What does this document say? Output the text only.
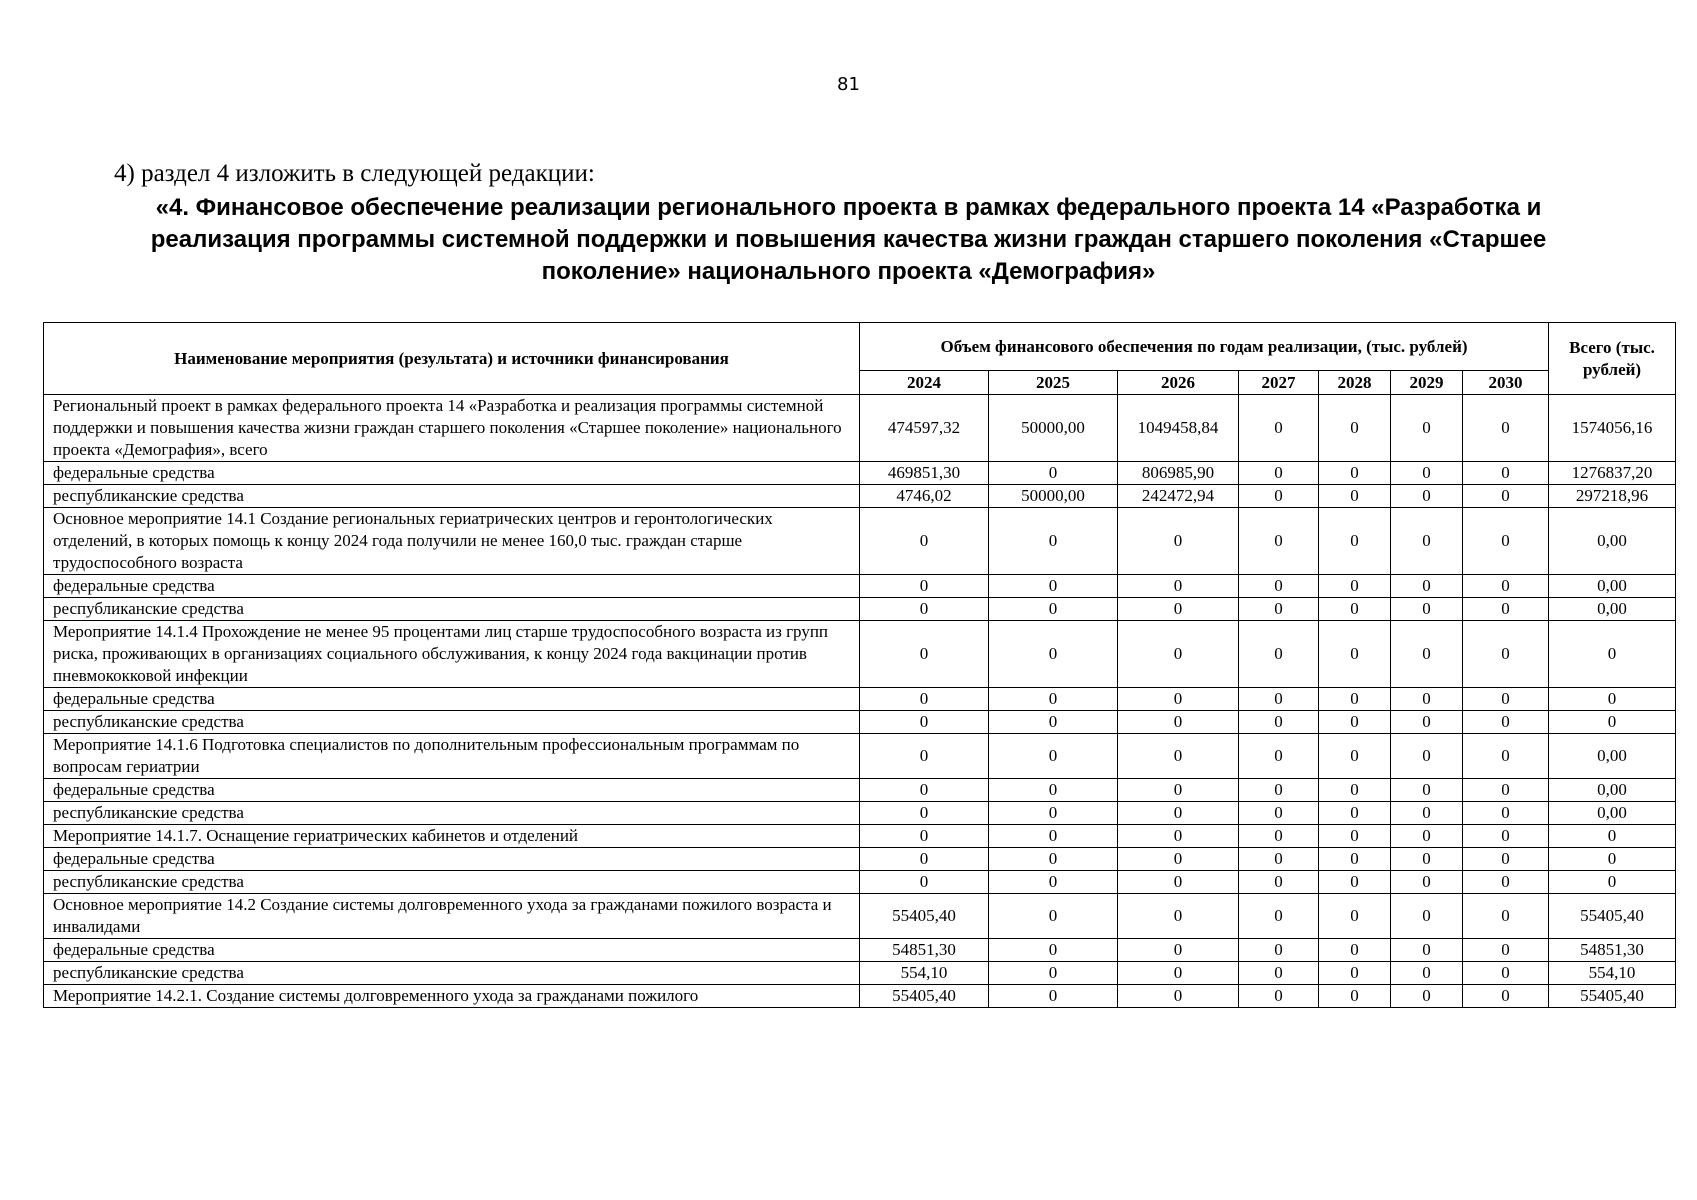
81
4) раздел 4 изложить в следующей редакции:
«4. Финансовое обеспечение реализации регионального проекта в рамках федерального проекта 14 «Разработка и реализация программы системной поддержки и повышения качества жизни граждан старшего поколения «Старшее поколение» национального проекта «Демография»
Наименование мероприятия (результата) и источники финансирования	Объем финансового обеспечения по годам реализации, (тыс. рублей)							Всего (тыс. рублей)
	2024	2025	2026	2027	2028	2029	2030	
Региональный проект в рамках федерального проекта 14 «Разработка и реализация программы системной поддержки и повышения качества жизни граждан старшего поколения «Старшее поколение» национального проекта «Демография», всего	474597,32	50000,00	1049458,84	0	0	0	0	1574056,16
федеральные средства	469851,30	0	806985,90	0	0	0	0	1276837,20
республиканские средства	4746,02	50000,00	242472,94	0	0	0	0	297218,96
Основное мероприятие 14.1 Создание региональных гериатрических центров и геронтологических отделений, в которых помощь к концу 2024 года получили не менее 160,0 тыс. граждан старше трудоспособного возраста	0	0	0	0	0	0	0	0,00
федеральные средства	0	0	0	0	0	0	0	0,00
республиканские средства	0	0	0	0	0	0	0	0,00
Мероприятие 14.1.4 Прохождение не менее 95 процентами лиц старше трудоспособного возраста из групп риска, проживающих в организациях социального обслуживания, к концу 2024 года вакцинации против пневмококковой инфекции	0	0	0	0	0	0	0	0
федеральные средства	0	0	0	0	0	0	0	0
республиканские средства	0	0	0	0	0	0	0	0
Мероприятие 14.1.6 Подготовка специалистов по дополнительным профессиональным программам по вопросам гериатрии	0	0	0	0	0	0	0	0,00
федеральные средства	0	0	0	0	0	0	0	0,00
республиканские средства	0	0	0	0	0	0	0	0,00
Мероприятие 14.1.7. Оснащение гериатрических кабинетов и отделений	0	0	0	0	0	0	0	0
федеральные средства	0	0	0	0	0	0	0	0
республиканские средства	0	0	0	0	0	0	0	0
Основное мероприятие 14.2 Создание системы долговременного ухода за гражданами пожилого возраста и инвалидами	55405,40	0	0	0	0	0	0	55405,40
федеральные средства	54851,30	0	0	0	0	0	0	54851,30
республиканские средства	554,10	0	0	0	0	0	0	554,10
Мероприятие 14.2.1. Создание системы долговременного ухода за гражданами пожилого	55405,40	0	0	0	0	0	0	55405,40
